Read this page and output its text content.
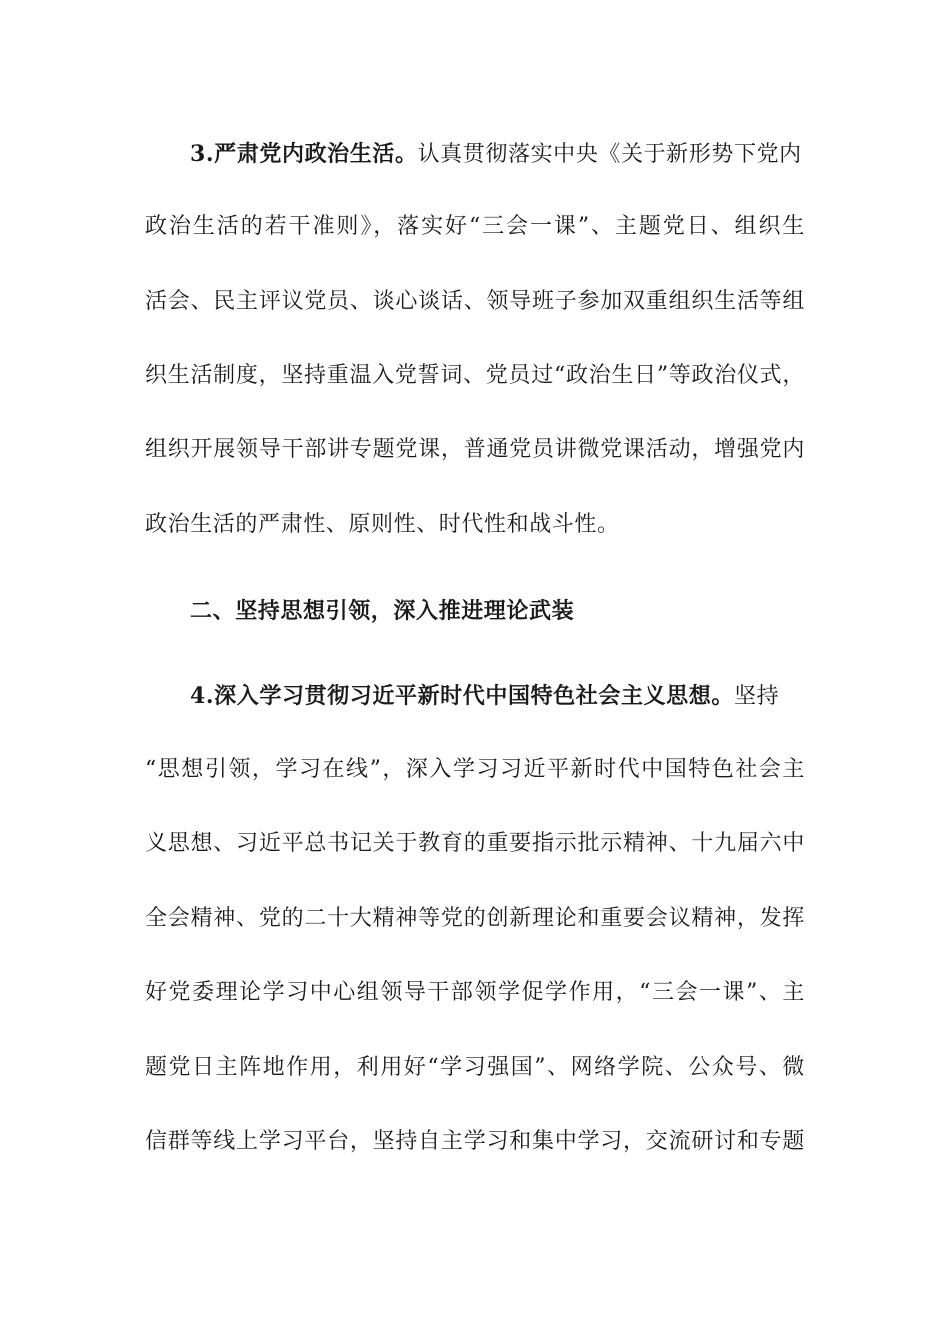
3.严肃党内政治生活。认真贯彻落实中央《关于新形势下党内
政治生活的若干准则》，落实好“三会一课”、主题党日、组织生
活会、民主评议党员、谈心谈话、领导班子参加双重组织生活等组
织生活制度，坚持重温入党誓词、党员过“政治生日”等政治仪式，
组织开展领导干部讲专题党课，普通党员讲微党课活动，增强党内
政治生活的严肃性、原则性、时代性和战斗性。
二、坚持思想引领，深入推进理论武装
4.深入学习贯彻习近平新时代中国特色社会主义思想。坚持
“思想引领，学习在线”，深入学习习近平新时代中国特色社会主
义思想、习近平总书记关于教育的重要指示批示精神、十九届六中
全会精神、党的二十大精神等党的创新理论和重要会议精神，发挥
好党委理论学习中心组领导干部领学促学作用，“三会一课”、主
题党日主阵地作用，利用好“学习强国”、网络学院、公众号、微
信群等线上学习平台，坚持自主学习和集中学习，交流研讨和专题
